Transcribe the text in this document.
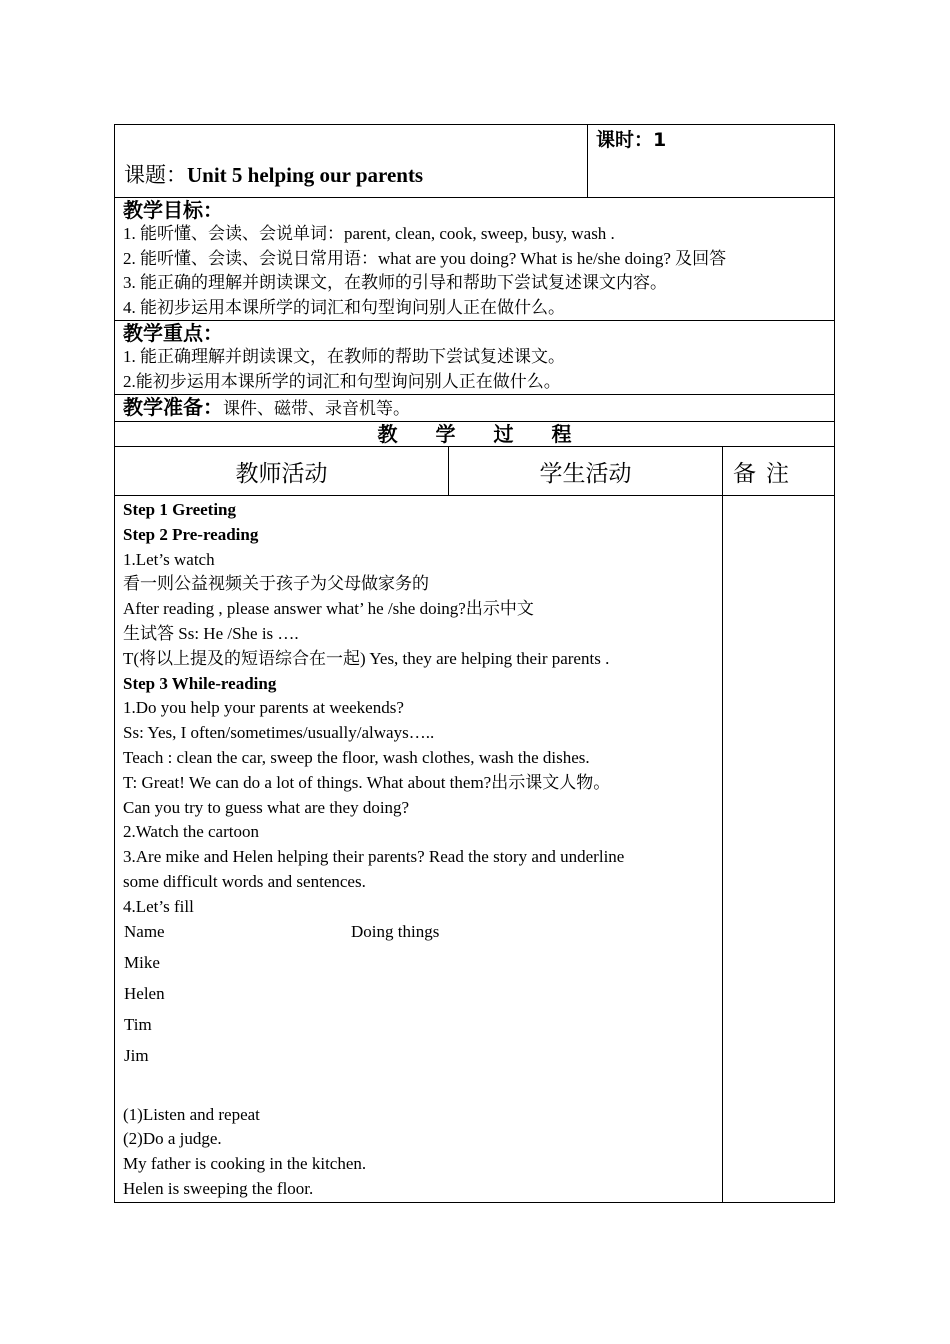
课题：Unit 5 helping our parents
	课时：1

教学目标：
1. 能听懂、会读、会说单词：parent, clean, cook, sweep, busy, wash .
2. 能听懂、会读、会说日常用语：what are you doing? What is he/she doing? 及回答
3. 能正确的理解并朗读课文，在教师的引导和帮助下尝试复述课文内容。
4. 能初步运用本课所学的词汇和句型询问别人正在做什么。

教学重点：
1. 能正确理解并朗读课文，在教师的帮助下尝试复述课文。
2.能初步运用本课所学的词汇和句型询问别人正在做什么。

教学准备：课件、磁带、录音机等。
教学过程
教师活动	学生活动	备注

Step 1 Greeting
Step 2 Pre-reading
1.Let’s watch
看一则公益视频关于孩子为父母做家务的
After reading , please answer what’ he /she doing?出示中文
生试答 Ss: He /She is ….
T(将以上提及的短语综合在一起) Yes, they are helping their parents .
Step 3 While-reading
1.Do you help your parents at weekends?
Ss: Yes, I often/sometimes/usually/always…..
Teach : clean the car, sweep the floor, wash clothes, wash the dishes.
T: Great! We can do a lot of things. What about them?出示课文人物。
Can you try to guess what are they doing?
2.Watch the cartoon
3.Are mike and Helen helping their parents? Read the story and underline
some difficult words and sentences.
4.Let’s fill
Name	Doing things
Mike	
Helen	
Tim	
Jim	
(1)Listen and repeat
(2)Do a judge.
My father is cooking in the kitchen.
Helen is sweeping the floor.
